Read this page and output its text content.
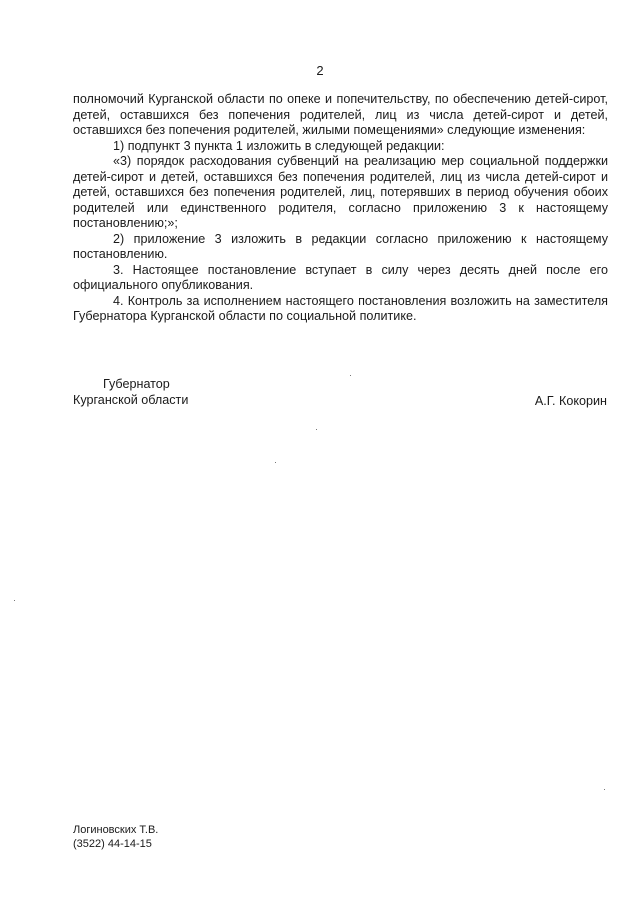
2

полномочий Курганской области по опеке и попечительству, по обеспечению детей-сирот, детей, оставшихся без попечения родителей, лиц из числа детей-сирот и детей, оставшихся без попечения родителей, жилыми помещениями» следующие изменения:

1) подпункт 3 пункта 1 изложить в следующей редакции:

«3) порядок расходования субвенций на реализацию мер социальной поддержки детей-сирот и детей, оставшихся без попечения родителей, лиц из числа детей-сирот и детей, оставшихся без попечения родителей, лиц, потерявших в период обучения обоих родителей или единственного родителя, согласно приложению 3 к настоящему постановлению;»;

2) приложение 3 изложить в редакции согласно приложению к настоящему постановлению.

3. Настоящее постановление вступает в силу через десять дней после его официального опубликования.

4. Контроль за исполнением настоящего постановления возложить на заместителя Губернатора Курганской области по социальной политике.

Губернатор
Курганской области	А.Г. Кокорин
Логиновских Т.В.
(3522) 44-14-15
